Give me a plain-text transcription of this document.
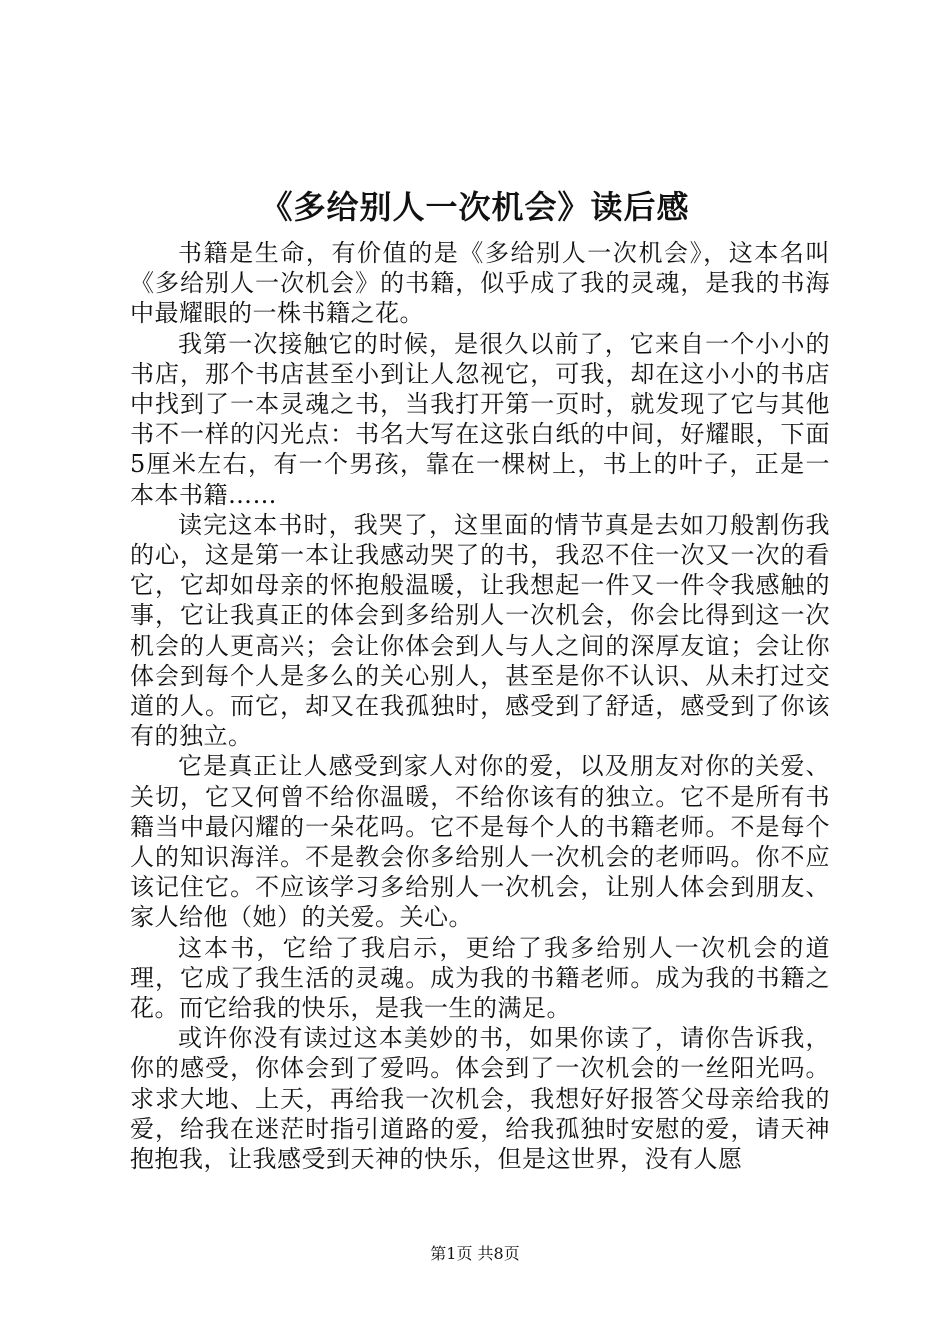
《多给别人一次机会》读后感

书籍是生命，有价值的是《多给别人一次机会》，这本名叫《多给别人一次机会》的书籍，似乎成了我的灵魂，是我的书海中最耀眼的一株书籍之花。

我第一次接触它的时候，是很久以前了，它来自一个小小的书店，那个书店甚至小到让人忽视它，可我，却在这小小的书店中找到了一本灵魂之书，当我打开第一页时，就发现了它与其他书不一样的闪光点：书名大写在这张白纸的中间，好耀眼，下面5厘米左右，有一个男孩，靠在一棵树上，书上的叶子，正是一本本书籍……

读完这本书时，我哭了，这里面的情节真是去如刀般割伤我的心，这是第一本让我感动哭了的书，我忍不住一次又一次的看它，它却如母亲的怀抱般温暖，让我想起一件又一件令我感触的事，它让我真正的体会到多给别人一次机会，你会比得到这一次机会的人更高兴；会让你体会到人与人之间的深厚友谊；会让你体会到每个人是多么的关心别人，甚至是你不认识、从未打过交道的人。而它，却又在我孤独时，感受到了舒适，感受到了你该有的独立。

它是真正让人感受到家人对你的爱，以及朋友对你的关爱、关切，它又何曾不给你温暖，不给你该有的独立。它不是所有书籍当中最闪耀的一朵花吗。它不是每个人的书籍老师。不是每个人的知识海洋。不是教会你多给别人一次机会的老师吗。你不应该记住它。不应该学习多给别人一次机会，让别人体会到朋友、家人给他（她）的关爱。关心。

这本书，它给了我启示，更给了我多给别人一次机会的道理，它成了我生活的灵魂。成为我的书籍老师。成为我的书籍之花。而它给我的快乐，是我一生的满足。

或许你没有读过这本美妙的书，如果你读了，请你告诉我，你的感受，你体会到了爱吗。体会到了一次机会的一丝阳光吗。求求大地、上天，再给我一次机会，我想好好报答父母亲给我的爱，给我在迷茫时指引道路的爱，给我孤独时安慰的爱，请天神抱抱我，让我感受到天神的快乐，但是这世界，没有人愿

第1页 共8页
